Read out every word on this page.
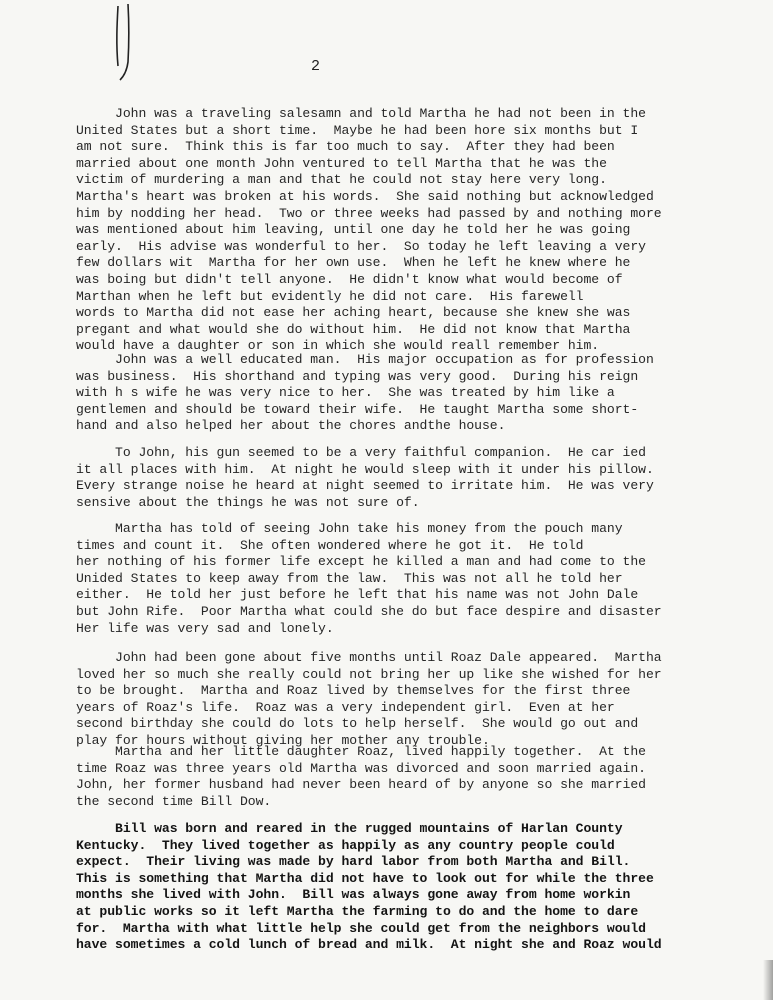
2
John was a traveling salesamn and told Martha he had not been in the
United States but a short time.  Maybe he had been hore six months but I
am not sure.  Think this is far too much to say.  After they had been
married about one month John ventured to tell Martha that he was the
victim of murdering a man and that he could not stay here very long.
Martha's heart was broken at his words.  She said nothing but acknowledged
him by nodding her head.  Two or three weeks had passed by and nothing more
was mentioned about him leaving, until one day he told her he was going
early.  His advise was wonderful to her.  So today he left leaving a very
few dollars wit  Martha for her own use.  When he left he knew where he
was boing but didn't tell anyone.  He didn't know what would become of
Marthan when he left but evidently he did not care.  His farewell
words to Martha did not ease her aching heart, because she knew she was
pregant and what would she do without him.  He did not know that Martha
would have a daughter or son in which she would reall remember him.
John was a well educated man.  His major occupation as for profession
was business.  His shorthand and typing was very good.  During his reign
with h s wife he was very nice to her.  She was treated by him like a
gentlemen and should be toward their wife.  He taught Martha some short-
hand and also helped her about the chores andthe house.
To John, his gun seemed to be a very faithful companion.  He car ied
it all places with him.  At night he would sleep with it under his pillow.
Every strange noise he heard at night seemed to irritate him.  He was very
sensive about the things he was not sure of.
Martha has told of seeing John take his money from the pouch many
times and count it.  She often wondered where he got it.  He told
her nothing of his former life except he killed a man and had come to the
Unided States to keep away from the law.  This was not all he told her
either.  He told her just before he left that his name was not John Dale
but John Rife.  Poor Martha what could she do but face despire and disaster
Her life was very sad and lonely.
John had been gone about five months until Roaz Dale appeared.  Martha
loved her so much she really could not bring her up like she wished for her
to be brought.  Martha and Roaz lived by themselves for the first three
years of Roaz's life.  Roaz was a very independent girl.  Even at her
second birthday she could do lots to help herself.  She would go out and
play for hours without giving her mother any trouble.
Martha and her little daughter Roaz, lived happily together.  At the
time Roaz was three years old Martha was divorced and soon married again.
John, her former husband had never been heard of by anyone so she married
the second time Bill Dow.
Bill was born and reared in the rugged mountains of Harlan County
Kentucky.  They lived together as happily as any country people could
expect.  Their living was made by hard labor from both Martha and Bill.
This is something that Martha did not have to look out for while the three
months she lived with John.  Bill was always gone away from home workin
at public works so it left Martha the farming to do and the home to dare
for.  Martha with what little help she could get from the neighbors would
have sometimes a cold lunch of bread and milk.  At night she and Roaz would
